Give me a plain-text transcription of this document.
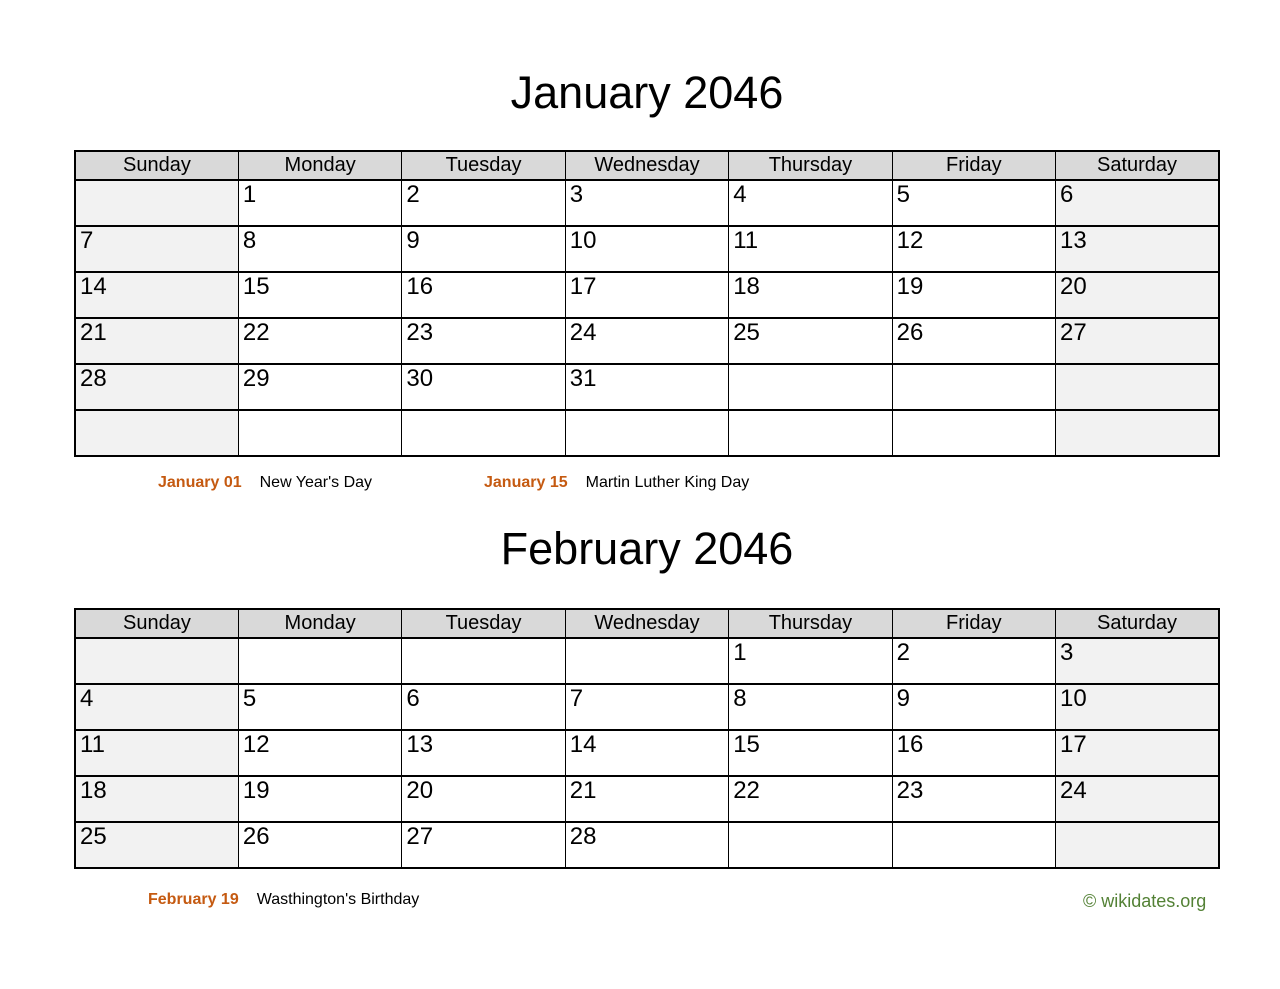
January 2046
Sunday	Monday	Tuesday	Wednesday	Thursday	Friday	Saturday
	1	2	3	4	5	6
7	8	9	10	11	12	13
14	15	16	17	18	19	20
21	22	23	24	25	26	27
28	29	30	31			

January 01 New Year's Day	January 15 Martin Luther King Day
February 2046
Sunday	Monday	Tuesday	Wednesday	Thursday	Friday	Saturday
				1	2	3
4	5	6	7	8	9	10
11	12	13	14	15	16	17
18	19	20	21	22	23	24
25	26	27	28			
February 19 Wasthington's Birthday	© wikidates.org
